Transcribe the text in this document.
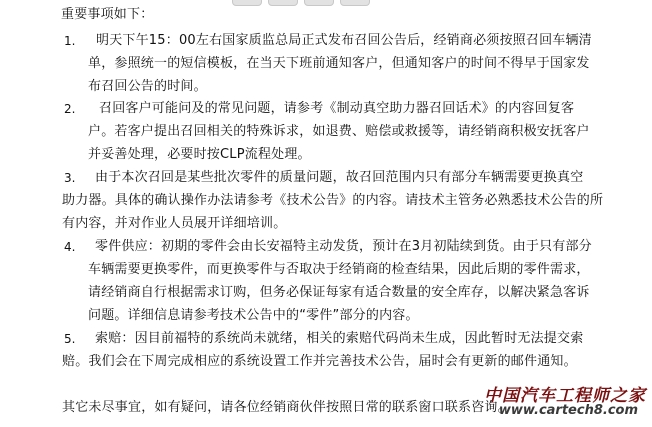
重要事项如下：
1. 明天下午15：00左右国家质监总局正式发布召回公告后，经销商必须按照召回车辆清
单，参照统一的短信模板，在当天下班前通知客户，但通知客户的时间不得早于国家发
布召回公告的时间。
2. 召回客户可能问及的常见问题，请参考《制动真空助力器召回话术》的内容回复客
户。若客户提出召回相关的特殊诉求，如退费、赔偿或救援等，请经销商积极安抚客户
并妥善处理，必要时按CLP流程处理。
3. 由于本次召回是某些批次零件的质量问题，故召回范围内只有部分车辆需要更换真空
助力器。具体的确认操作办法请参考《技术公告》的内容。请技术主管务必熟悉技术公告的所
有内容，并对作业人员展开详细培训。
4. 零件供应：初期的零件会由长安福特主动发货，预计在3月初陆续到货。由于只有部分
车辆需要更换零件，而更换零件与否取决于经销商的检查结果，因此后期的零件需求，
请经销商自行根据需求订购，但务必保证每家有适合数量的安全库存，以解决紧急客诉
问题。详细信息请参考技术公告中的“零件”部分的内容。
5. 索赔：因目前福特的系统尚未就绪，相关的索赔代码尚未生成，因此暂时无法提交索
赔。我们会在下周完成相应的系统设置工作并完善技术公告，届时会有更新的邮件通知。
其它未尽事宜，如有疑问，请各位经销商伙伴按照日常的联系窗口联系咨询。
中国汽车工程师之家
www.cartech8.com
